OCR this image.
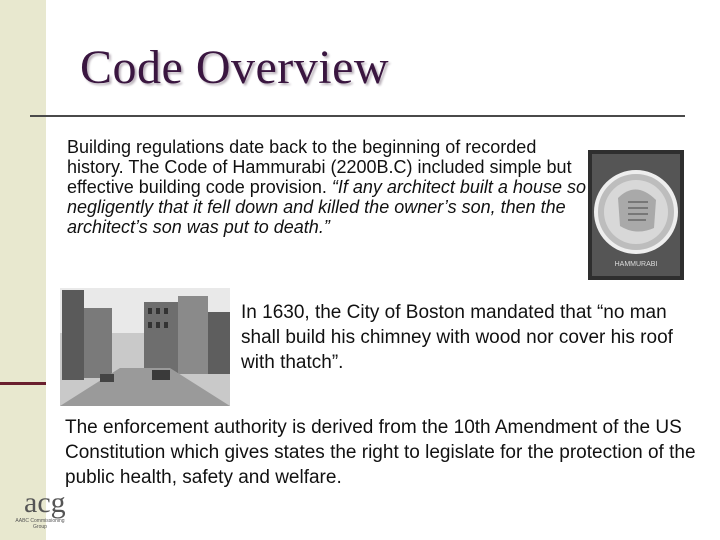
Code Overview

Building regulations date back to the beginning of recorded history. The Code of Hammurabi (2200B.C) included simple but effective building code provision. “If any architect built a house so negligently that it fell down and killed the owner’s son, then the architect’s son was put to death.”

HAMMURABI

In 1630, the City of Boston mandated that “no man shall build his chimney with wood nor cover his roof with thatch”.

The enforcement authority is derived from the 10th Amendment of the US Constitution which gives states the right to legislate for the protection of the public health, safety and welfare.

acg

AABC Commissioning Group
